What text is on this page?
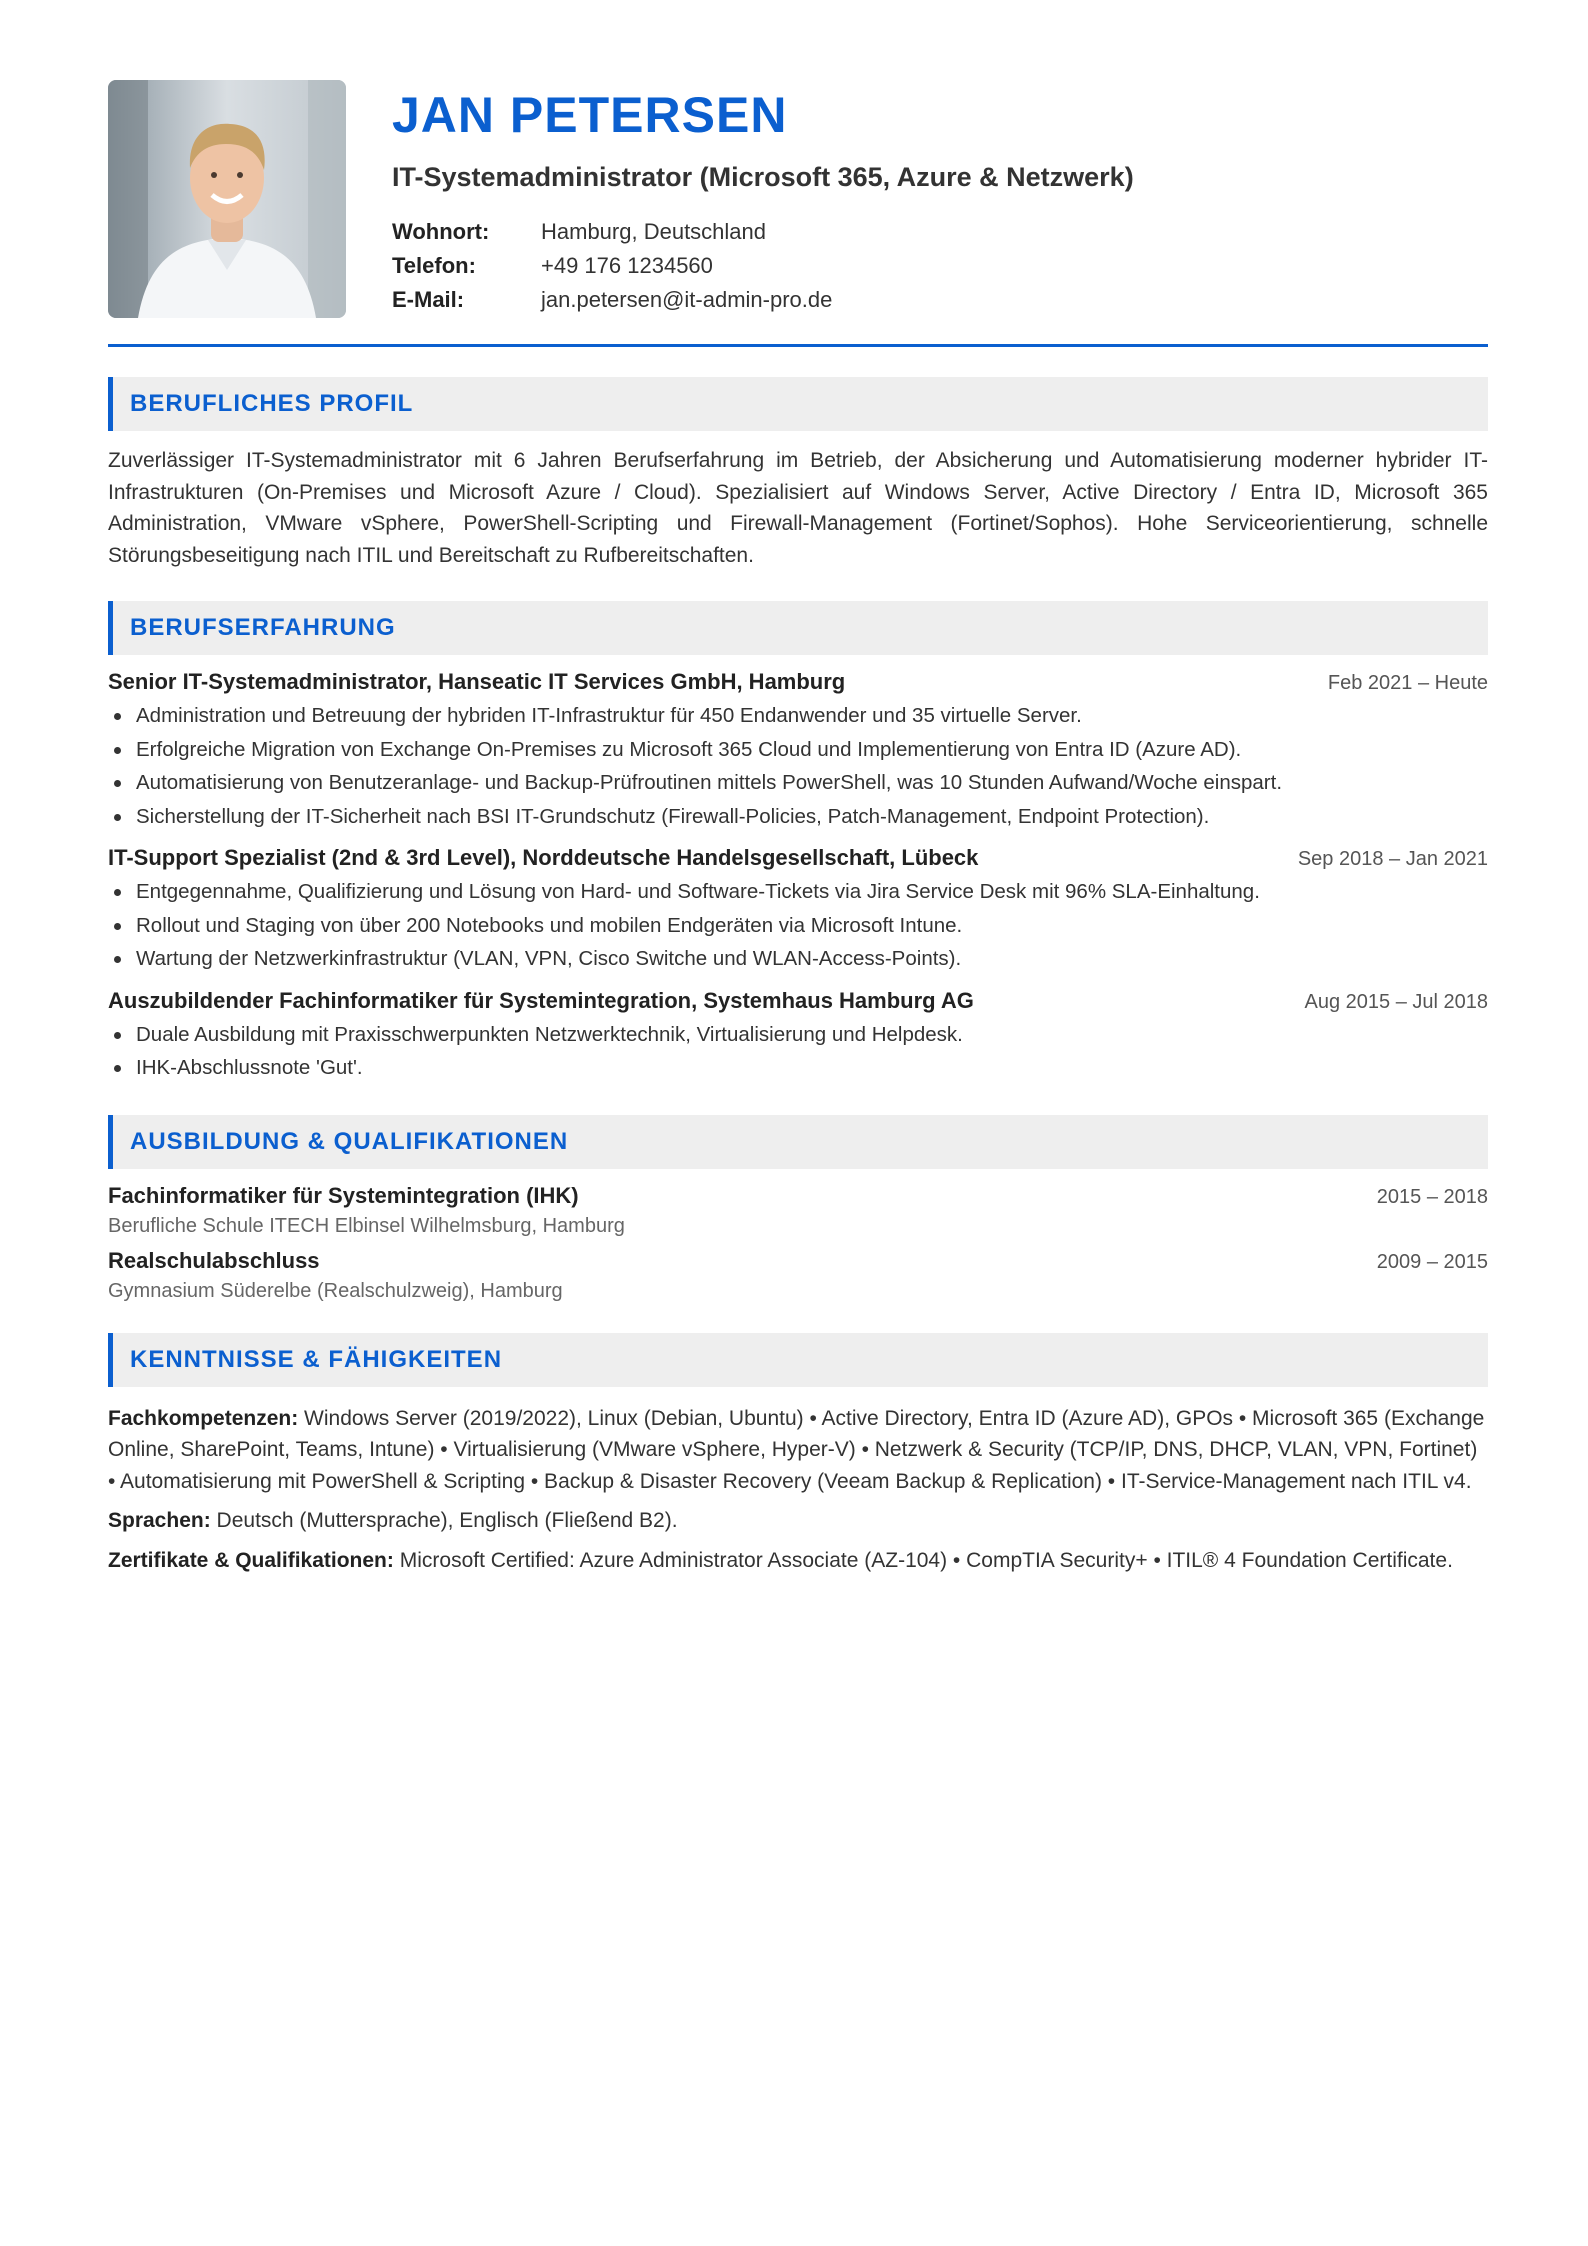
JAN PETERSEN
IT-Systemadministrator (Microsoft 365, Azure & Netzwerk)
Wohnort:	Hamburg, Deutschland
Telefon:	+49 176 1234560
E-Mail:	jan.petersen@it-admin-pro.de
BERUFLICHES PROFIL
Zuverlässiger IT-Systemadministrator mit 6 Jahren Berufserfahrung im Betrieb, der Absicherung und Automatisierung moderner hybrider IT-Infrastrukturen (On-Premises und Microsoft Azure / Cloud). Spezialisiert auf Windows Server, Active Directory / Entra ID, Microsoft 365 Administration, VMware vSphere, PowerShell-Scripting und Firewall-Management (Fortinet/Sophos). Hohe Serviceorientierung, schnelle Störungsbeseitigung nach ITIL und Bereitschaft zu Rufbereitschaften.
BERUFSERFAHRUNG
Senior IT-Systemadministrator, Hanseatic IT Services GmbH, Hamburg	Feb 2021 – Heute
Administration und Betreuung der hybriden IT-Infrastruktur für 450 Endanwender und 35 virtuelle Server.
Erfolgreiche Migration von Exchange On-Premises zu Microsoft 365 Cloud und Implementierung von Entra ID (Azure AD).
Automatisierung von Benutzeranlage- und Backup-Prüfroutinen mittels PowerShell, was 10 Stunden Aufwand/Woche einspart.
Sicherstellung der IT-Sicherheit nach BSI IT-Grundschutz (Firewall-Policies, Patch-Management, Endpoint Protection).
IT-Support Spezialist (2nd & 3rd Level), Norddeutsche Handelsgesellschaft, Lübeck	Sep 2018 – Jan 2021
Entgegennahme, Qualifizierung und Lösung von Hard- und Software-Tickets via Jira Service Desk mit 96% SLA-Einhaltung.
Rollout und Staging von über 200 Notebooks und mobilen Endgeräten via Microsoft Intune.
Wartung der Netzwerkinfrastruktur (VLAN, VPN, Cisco Switche und WLAN-Access-Points).
Auszubildender Fachinformatiker für Systemintegration, Systemhaus Hamburg AG	Aug 2015 – Jul 2018
Duale Ausbildung mit Praxisschwerpunkten Netzwerktechnik, Virtualisierung und Helpdesk.
IHK-Abschlussnote 'Gut'.
AUSBILDUNG & QUALIFIKATIONEN
Fachinformatiker für Systemintegration (IHK)	2015 – 2018
Berufliche Schule ITECH Elbinsel Wilhelmsburg, Hamburg
Realschulabschluss	2009 – 2015
Gymnasium Süderelbe (Realschulzweig), Hamburg
KENNTNISSE & FÄHIGKEITEN
Fachkompetenzen: Windows Server (2019/2022), Linux (Debian, Ubuntu) • Active Directory, Entra ID (Azure AD), GPOs • Microsoft 365 (Exchange Online, SharePoint, Teams, Intune) • Virtualisierung (VMware vSphere, Hyper-V) • Netzwerk & Security (TCP/IP, DNS, DHCP, VLAN, VPN, Fortinet) • Automatisierung mit PowerShell & Scripting • Backup & Disaster Recovery (Veeam Backup & Replication) • IT-Service-Management nach ITIL v4.
Sprachen: Deutsch (Muttersprache), Englisch (Fließend B2).
Zertifikate & Qualifikationen: Microsoft Certified: Azure Administrator Associate (AZ-104) • CompTIA Security+ • ITIL® 4 Foundation Certificate.
